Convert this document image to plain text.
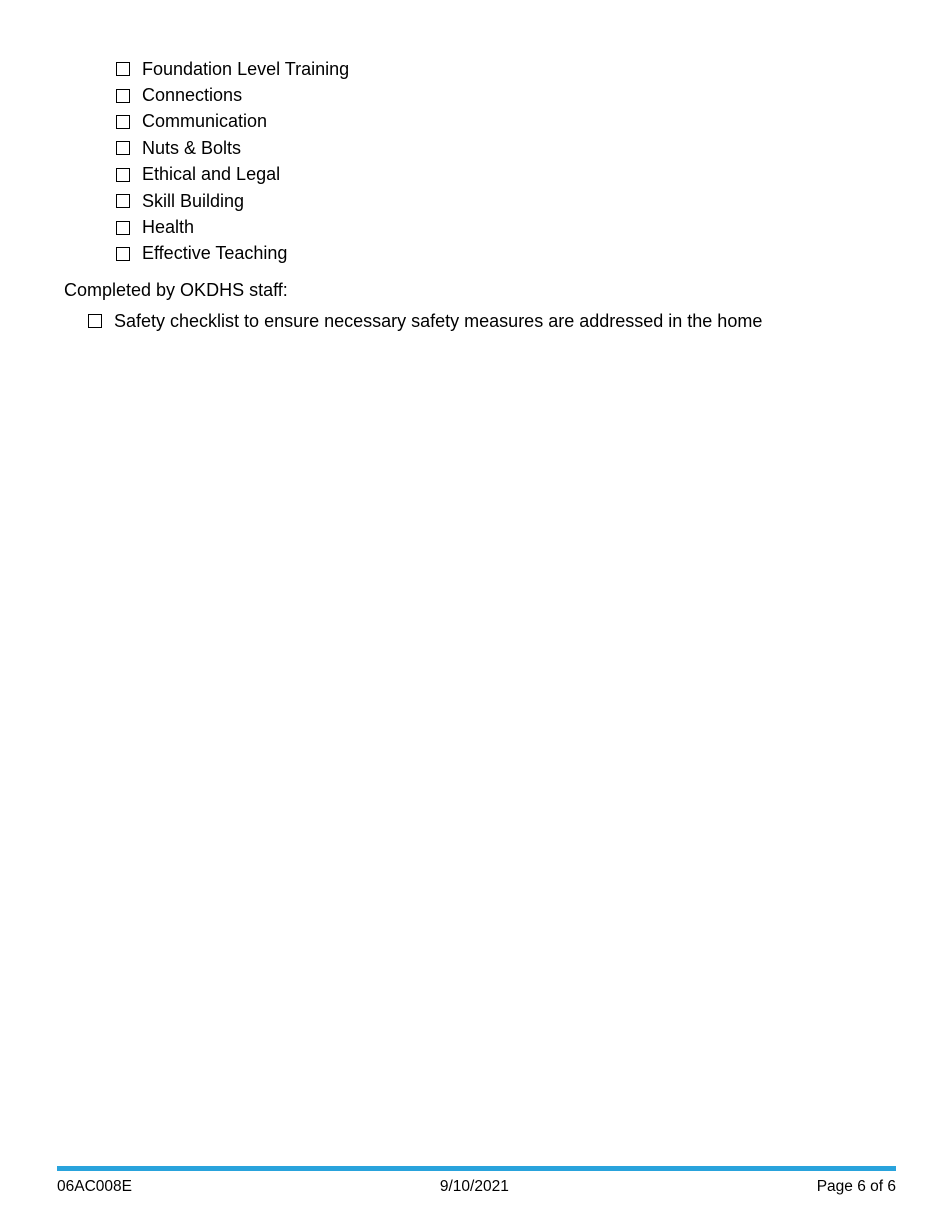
Foundation Level Training
Connections
Communication
Nuts & Bolts
Ethical and Legal
Skill Building
Health
Effective Teaching

Completed by OKDHS staff:

Safety checklist to ensure necessary safety measures are addressed in the home
06AC008E	9/10/2021	Page 6 of 6
